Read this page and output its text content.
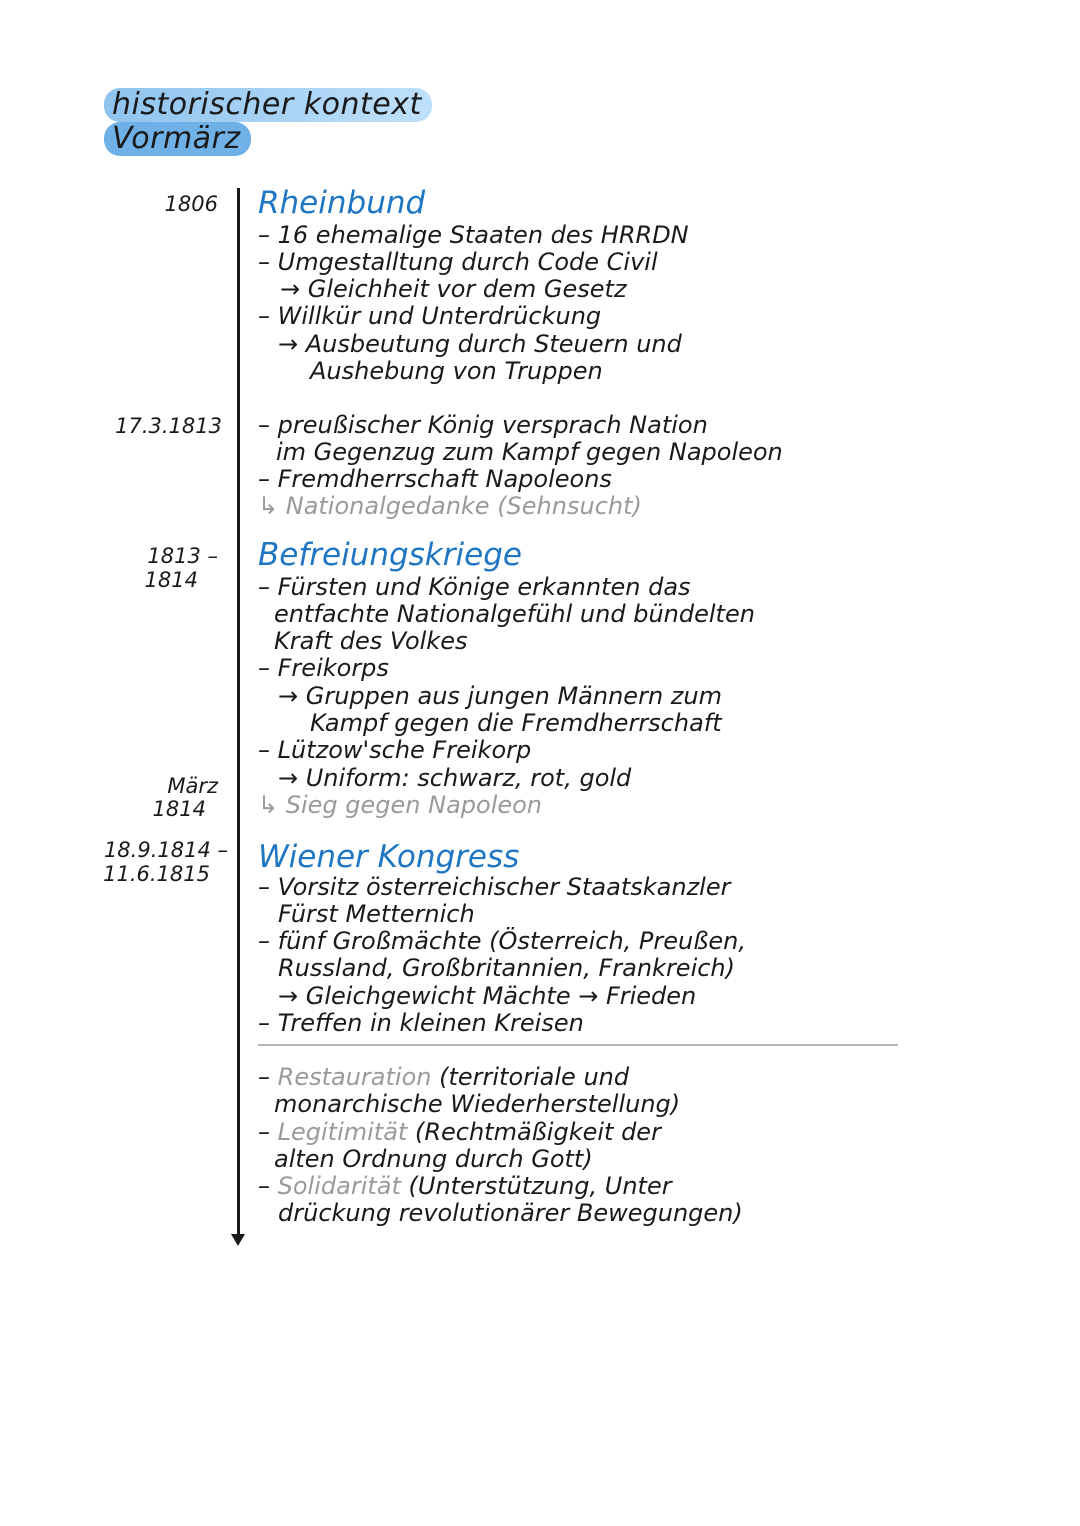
historischer kontext
Vormärz
1806
17.3.1813
1813 –
1814
März
1814
18.9.1814 –
11.6.1815
Rheinbund
– 16 ehemalige Staaten des HRRDN
– Umgestalltung durch Code Civil
→ Gleichheit vor dem Gesetz
– Willkür und Unterdrückung
→ Ausbeutung durch Steuern und
Aushebung von Truppen
– preußischer König versprach Nation
im Gegenzug zum Kampf gegen Napoleon
– Fremdherrschaft Napoleons
↳ Nationalgedanke (Sehnsucht)
Befreiungskriege
– Fürsten und Könige erkannten das
entfachte Nationalgefühl und bündelten
Kraft des Volkes
– Freikorps
→ Gruppen aus jungen Männern zum
Kampf gegen die Fremdherrschaft
– Lützow'sche Freikorp
→ Uniform: schwarz, rot, gold
↳ Sieg gegen Napoleon
Wiener Kongress
– Vorsitz österreichischer Staatskanzler
Fürst Metternich
– fünf Großmächte (Österreich, Preußen,
Russland, Großbritannien, Frankreich)
→ Gleichgewicht Mächte → Frieden
– Treffen in kleinen Kreisen
– Restauration (territoriale und
monarchische Wiederherstellung)
– Legitimität (Rechtmäßigkeit der
alten Ordnung durch Gott)
– Solidarität (Unterstützung, Unter
drückung revolutionärer Bewegungen)
